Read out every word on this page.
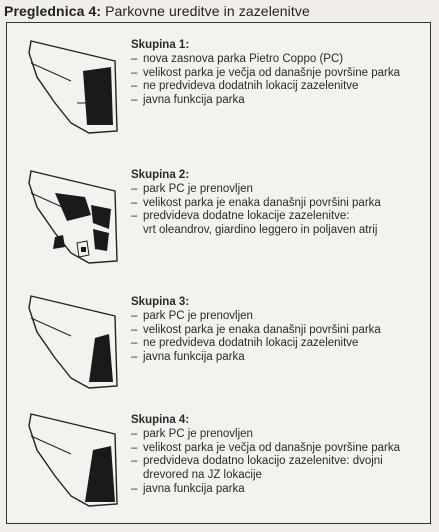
Preglednica 4: Parkovne ureditve in zazelenitve
Skupina 1:
– nova zasnova parka Pietro Coppo (PC)
– velikost parka je večja od današnje površine parka
– ne predvideva dodatnih lokacij zazelenitve
– javna funkcija parka
Skupina 2:
– park PC je prenovljen
– velikost parka je enaka današnji površini parka
– predvideva dodatne lokacije zazelenitve:
vrt oleandrov, giardino leggero in poljaven atrij
Skupina 3:
– park PC je prenovljen
– velikost parka je enaka današnji površini parka
– ne predvideva dodatnih lokacij zazelenitve
– javna funkcija parka
Skupina 4:
– park PC je prenovljen
– velikost parka je večja od današnje površine parka
– predvideva dodatno lokacijo zazelenitve: dvojni
drevored na JZ lokacije
– javna funkcija parka
